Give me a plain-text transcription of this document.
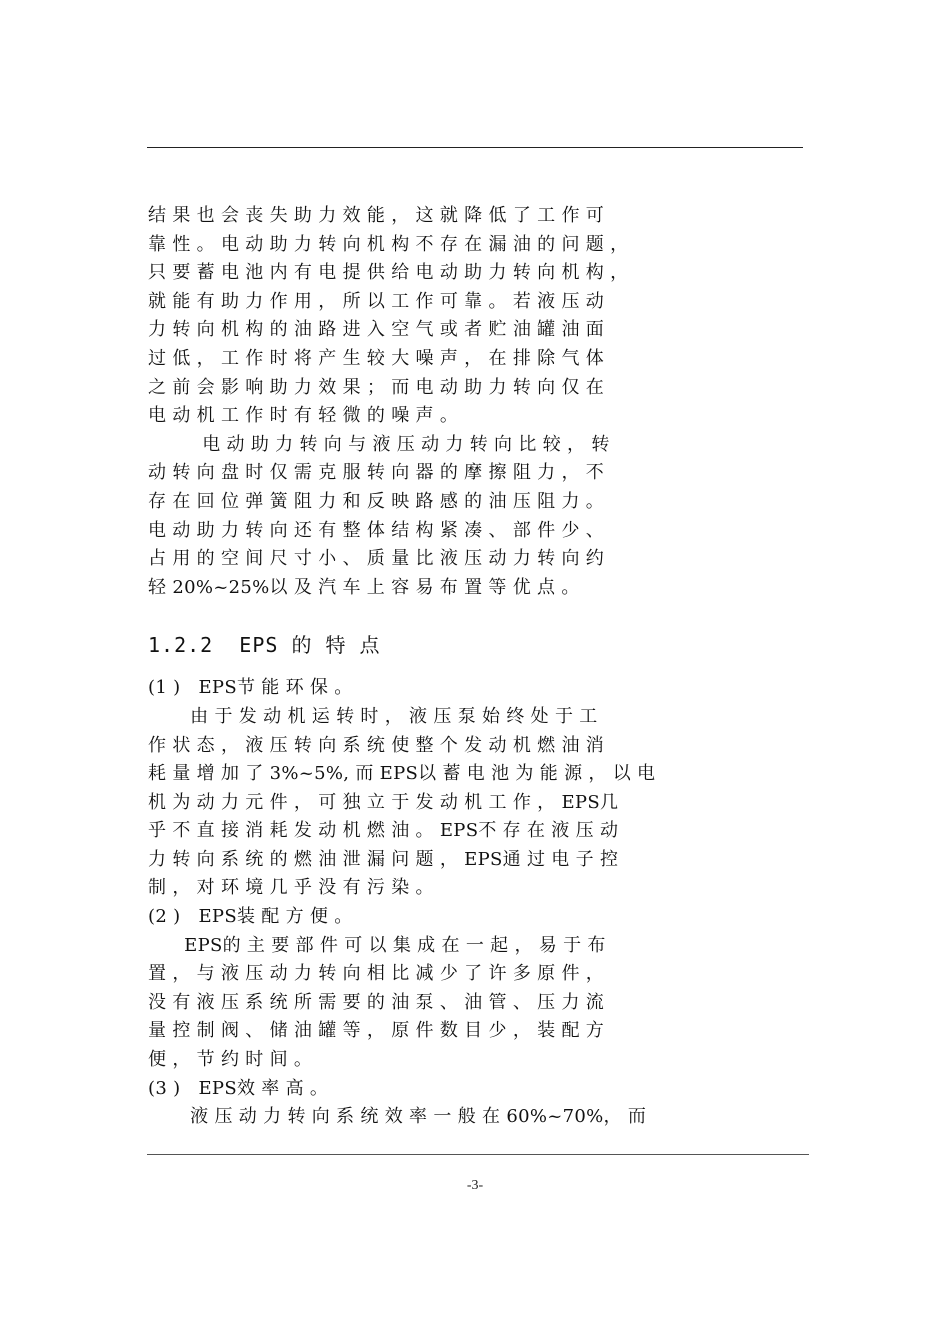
结 果 也 会 丧 失 助 力 效 能 ， 这 就 降 低 了 工 作 可
靠 性 。 电 动 助 力 转 向 机 构 不 存 在 漏 油 的 问 题 ，
只 要 蓄 电 池 内 有 电 提 供 给 电 动 助 力 转 向 机 构 ，
就 能 有 助 力 作 用 ， 所 以 工 作 可 靠 。 若 液 压 动
力 转 向 机 构 的 油 路 进 入 空 气 或 者 贮 油 罐 油 面
过 低 ， 工 作 时 将 产 生 较 大 噪 声 ， 在 排 除 气 体
之 前 会 影 响 助 力 效 果 ； 而 电 动 助 力 转 向 仅 在
电 动 机 工 作 时 有 轻 微 的 噪 声 。
电 动 助 力 转 向 与 液 压 动 力 转 向 比 较 ， 转
动 转 向 盘 时 仅 需 克 服 转 向 器 的 摩 擦 阻 力 ， 不
存 在 回 位 弹 簧 阻 力 和 反 映 路 感 的 油 压 阻 力 。
电 动 助 力 转 向 还 有 整 体 结 构 紧 凑 、 部 件 少 、
占 用 的 空 间 尺 寸 小 、 质 量 比 液 压 动 力 转 向 约
轻 20%~25%以 及 汽 车 上 容 易 布 置 等 优 点 。
1.2.2  EPS 的 特 点
(1 )   EPS节 能 环 保 。
由 于 发 动 机 运 转 时 ， 液 压 泵 始 终 处 于 工
作 状 态 ， 液 压 转 向 系 统 使 整 个 发 动 机 燃 油 消
耗 量 增 加 了 3%~5%, 而 EPS以 蓄 电 池 为 能 源 ， 以 电
机 为 动 力 元 件 ， 可 独 立 于 发 动 机 工 作 ， EPS几
乎 不 直 接 消 耗 发 动 机 燃 油 。 EPS不 存 在 液 压 动
力 转 向 系 统 的 燃 油 泄 漏 问 题 ， EPS通 过 电 子 控
制 ， 对 环 境 几 乎 没 有 污 染 。
(2 )   EPS装 配 方 便 。
EPS的 主 要 部 件 可 以 集 成 在 一 起 ， 易 于 布
置 ， 与 液 压 动 力 转 向 相 比 减 少 了 许 多 原 件 ，
没 有 液 压 系 统 所 需 要 的 油 泵 、 油 管 、 压 力 流
量 控 制 阀 、 储 油 罐 等 ， 原 件 数 目 少 ， 装 配 方
便 ， 节 约 时 间 。
(3 )   EPS效 率 高 。
液 压 动 力 转 向 系 统 效 率 一 般 在 60%~70%， 而
-3-
